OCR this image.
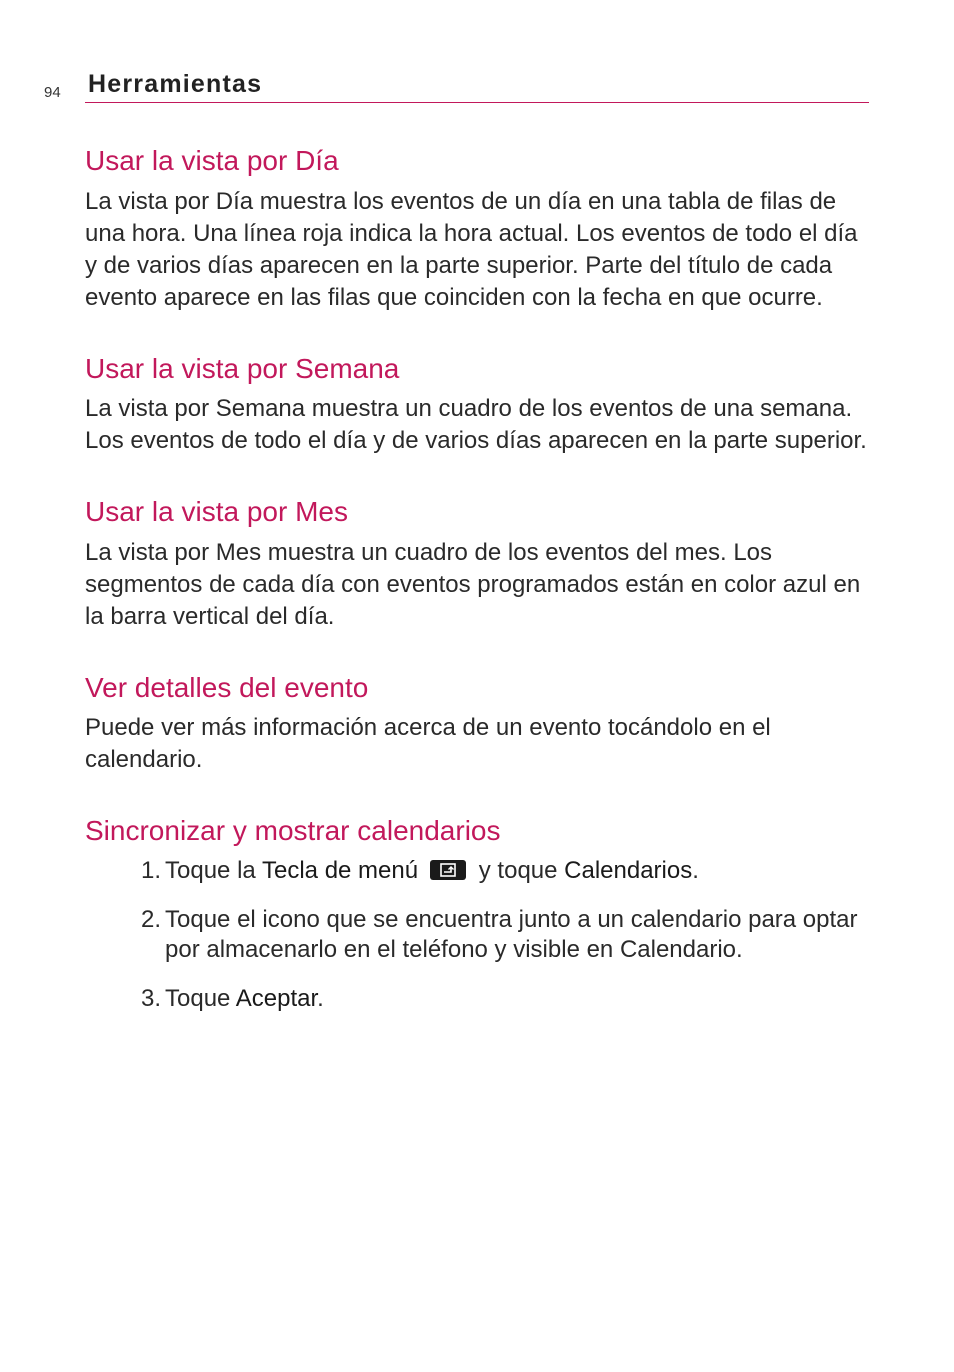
94 Herramientas
Usar la vista por Día

La vista por Día muestra los eventos de un día en una tabla de filas de una hora. Una línea roja indica la hora actual. Los eventos de todo el día y de varios días aparecen en la parte superior. Parte del título de cada evento aparece en las filas que coinciden con la fecha en que ocurre.

Usar la vista por Semana

La vista por Semana muestra un cuadro de los eventos de una semana. Los eventos de todo el día y de varios días aparecen en la parte superior.

Usar la vista por Mes

La vista por Mes muestra un cuadro de los eventos del mes. Los segmentos de cada día con eventos programados están en color azul en la barra vertical del día.

Ver detalles del evento

Puede ver más información acerca de un evento tocándolo en el calendario.

Sincronizar y mostrar calendarios
1. Toque la Tecla de menú
y toque Calendarios.
2. Toque el icono que se encuentra junto a un calendario para optar por almacenarlo en el teléfono y visible en Calendario.
3. Toque Aceptar.
